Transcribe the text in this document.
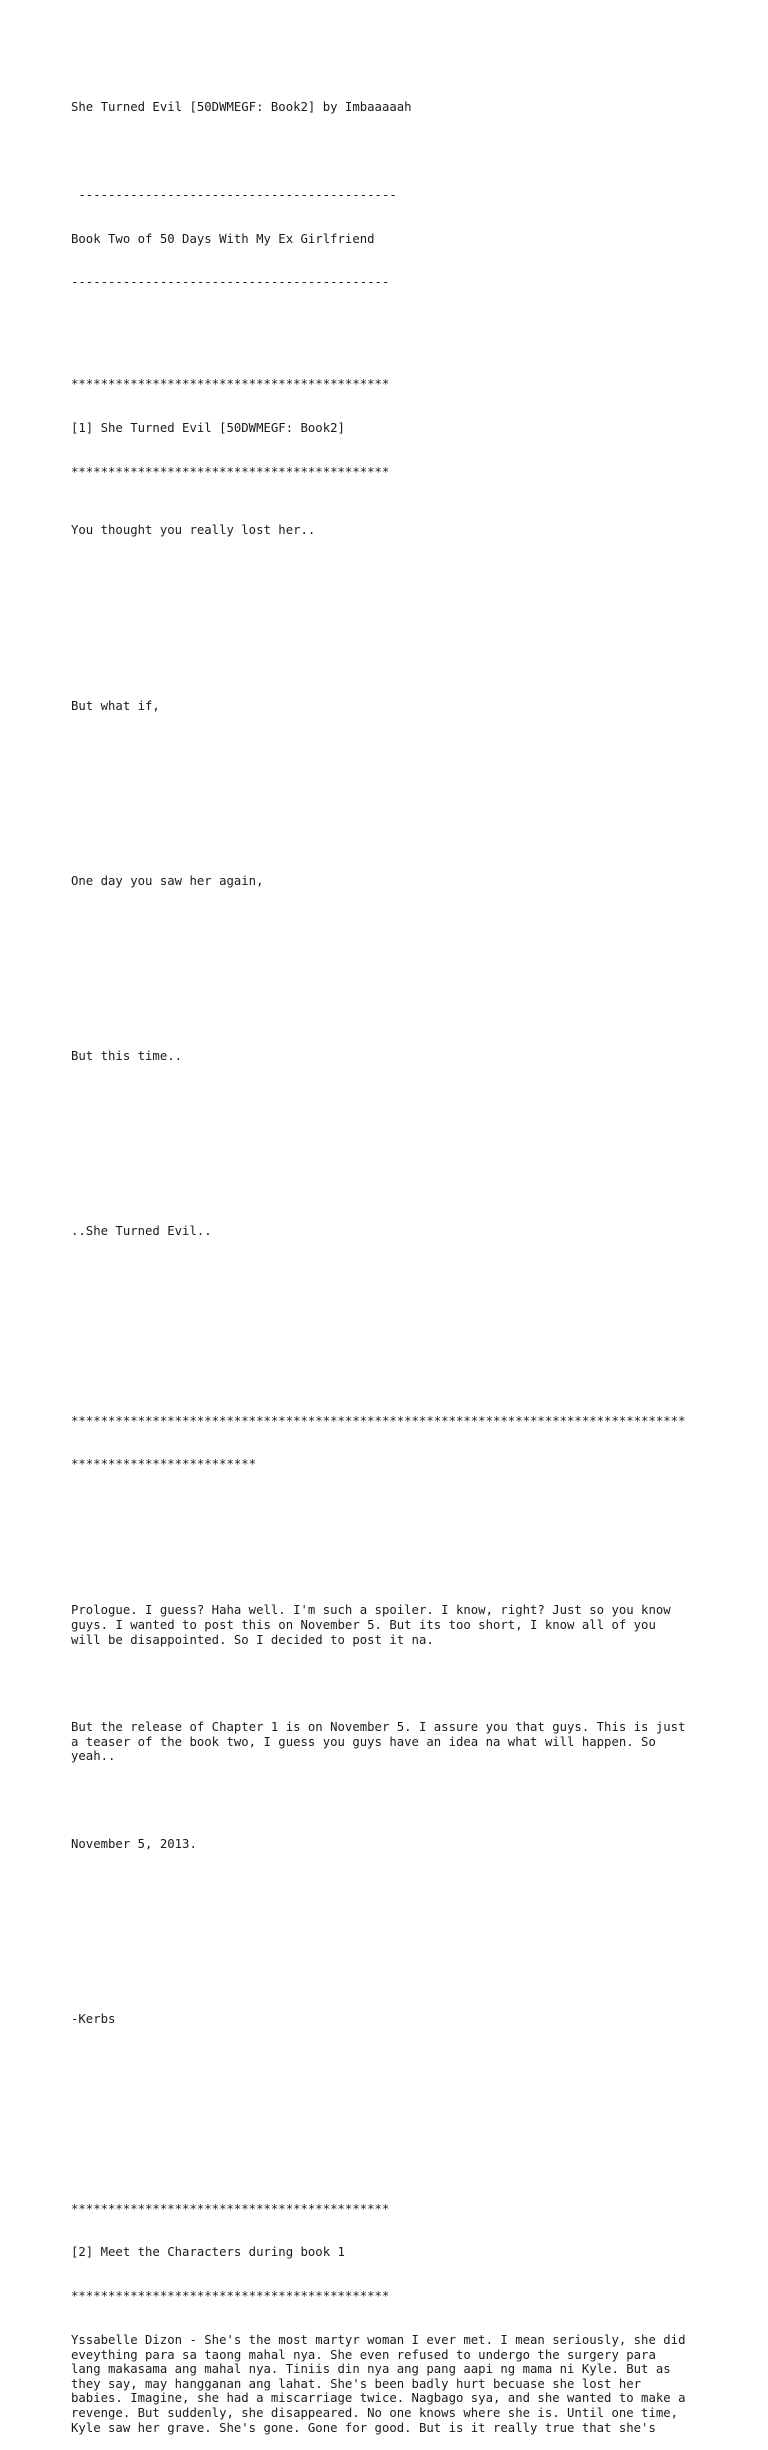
She Turned Evil [50DWMEGF: Book2] by Imbaaaaah

-------------------------------------------

Book Two of 50 Days With My Ex Girlfriend

-------------------------------------------

*******************************************

[1] She Turned Evil [50DWMEGF: Book2]

*******************************************

You thought you really lost her..

But what if,

One day you saw her again,

But this time..

..She Turned Evil..

***********************************************************************************

*************************

Prologue. I guess? Haha well. I'm such a spoiler. I know, right? Just so you know
guys. I wanted to post this on November 5. But its too short, I know all of you
will be disappointed. So I decided to post it na.

But the release of Chapter 1 is on November 5. I assure you that guys. This is just
a teaser of the book two, I guess you guys have an idea na what will happen. So
yeah..

November 5, 2013.

-Kerbs

*******************************************

[2] Meet the Characters during book 1

*******************************************

Yssabelle Dizon - She's the most martyr woman I ever met. I mean seriously, she did
eveything para sa taong mahal nya. She even refused to undergo the surgery para
lang makasama ang mahal nya. Tiniis din nya ang pang aapi ng mama ni Kyle. But as
they say, may hangganan ang lahat. She's been badly hurt becuase she lost her
babies. Imagine, she had a miscarriage twice. Nagbago sya, and she wanted to make a
revenge. But suddenly, she disappeared. No one knows where she is. Until one time,
Kyle saw her grave. She's gone. Gone for good. But is it really true that she's
